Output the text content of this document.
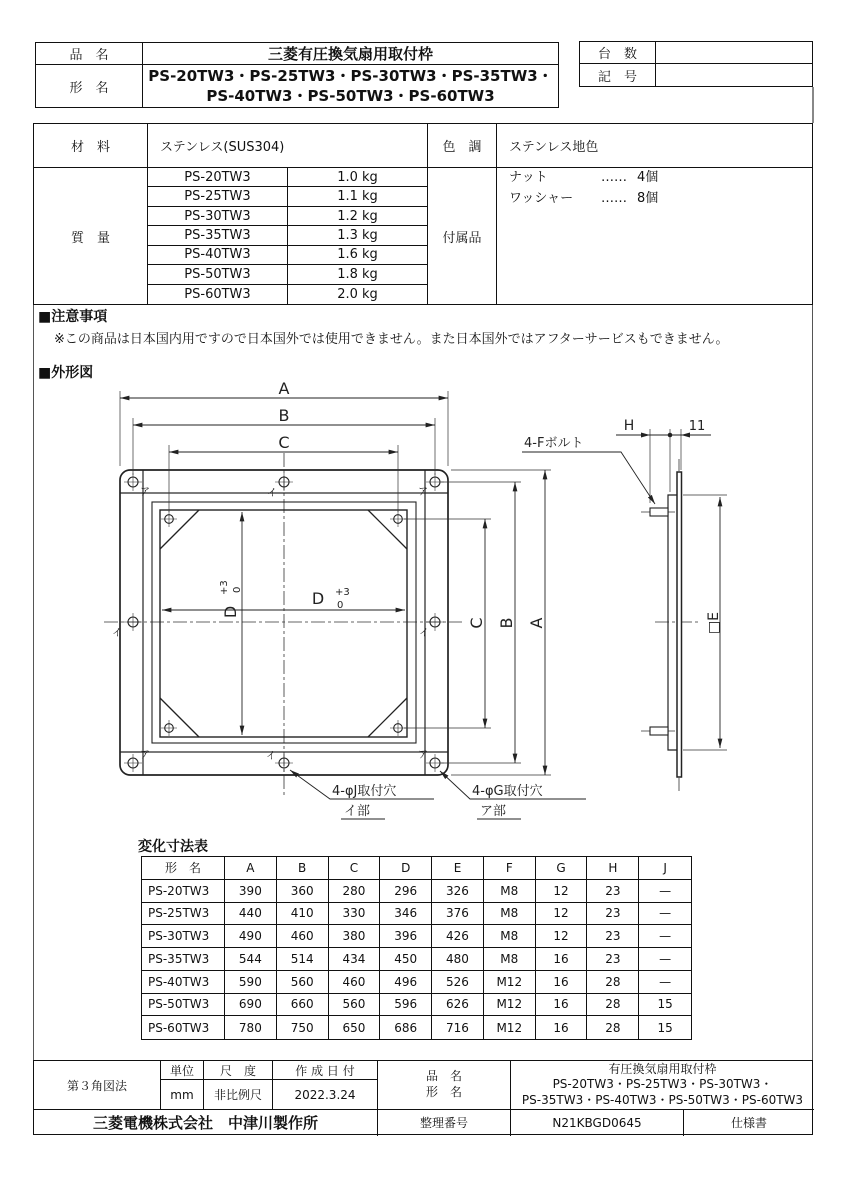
ア	ア
ア	ア
イ
イ
イ	イ
A
B
C
C B A
H	11
□E
D +3
0
D
+3 0
4-Fボルト
4-φJ取付穴
イ部
4-φG取付穴
ア部
品　名	三菱有圧換気扇用取付枠
形　名
PS-20TW3・PS-25TW3・PS-30TW3・PS-35TW3・
PS-40TW3・PS-50TW3・PS-60TW3
台　数
記　号
材　料	ステンレス(SUS304)	色　調	ステンレス地色
質　量
PS-20TW3	1.0 kg
PS-25TW3	1.1 kg
PS-30TW3	1.2 kg
PS-35TW3	1.3 kg
PS-40TW3	1.6 kg
PS-50TW3	1.8 kg
PS-60TW3	2.0 kg
付属品
ナット	…… 4個
ワッシャー	…… 8個
■注意事項
※この商品は日本国内用ですので日本国外では使用できません。また日本国外ではアフターサービスもできません。
■外形図
変化寸法表
形　名	A	B	C	D	E	F	G	H	J
PS-20TW3	390	360	280	296	326	M8	12	23	—
PS-25TW3	440	410	330	346	376	M8	12	23	—
PS-30TW3	490	460	380	396	426	M8	12	23	—
PS-35TW3	544	514	434	450	480	M8	16	23	—
PS-40TW3	590	560	460	496	526	M12	16	28	—
PS-50TW3	690	660	560	596	626	M12	16	28	15
PS-60TW3	780	750	650	686	716	M12	16	28	15
第３角図法
単位	尺　度	作 成 日 付
mm	非比例尺	2022.3.24
品　名
形　名
有圧換気扇用取付枠
PS-20TW3・PS-25TW3・PS-30TW3・
PS-35TW3・PS-40TW3・PS-50TW3・PS-60TW3
三菱電機株式会社　中津川製作所	整理番号	N21KBGD0645	仕様書
